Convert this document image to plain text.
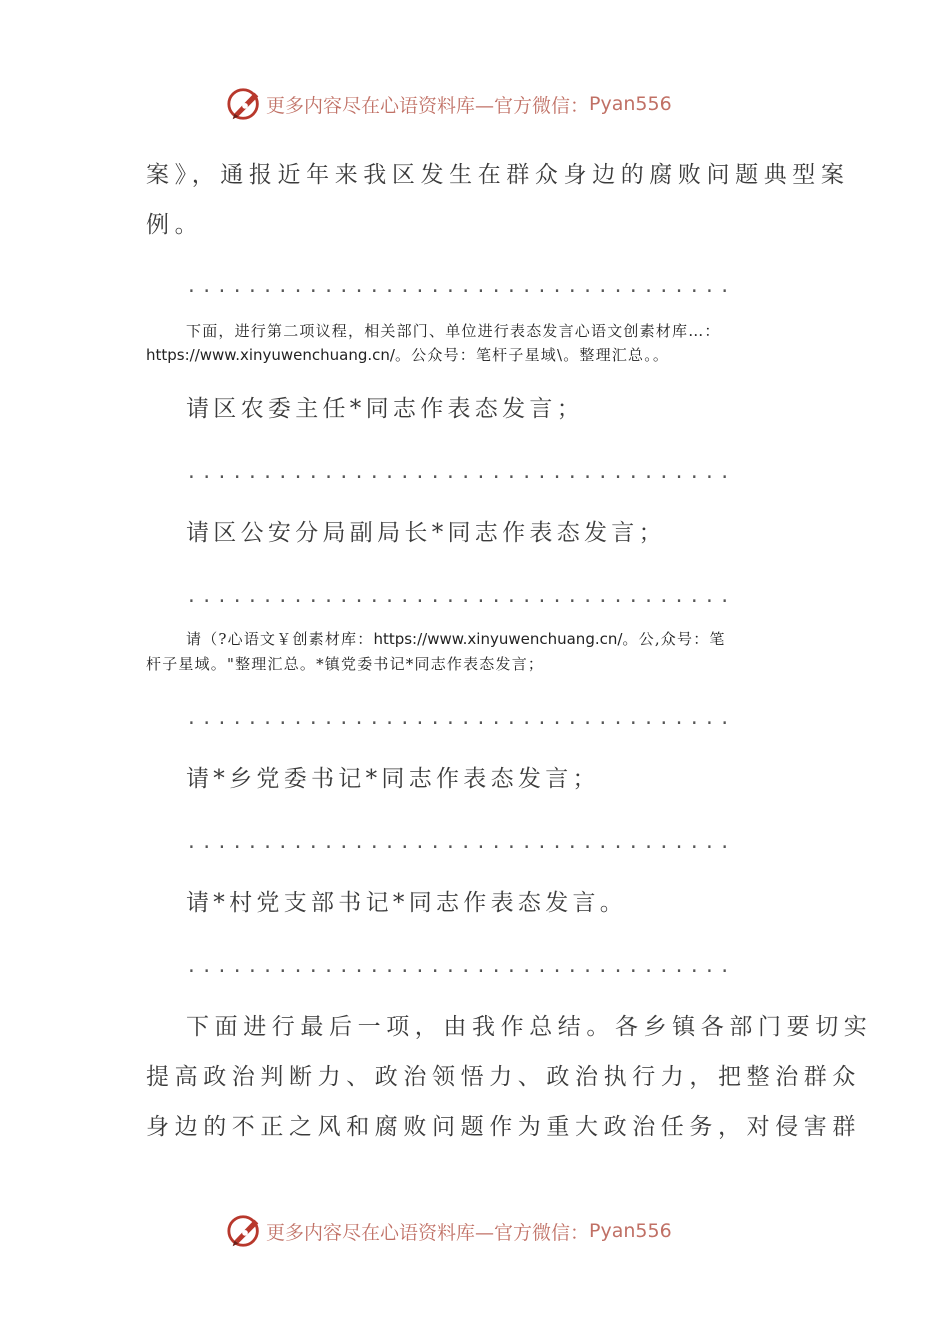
更多内容尽在心语资料库—官方微信： Pyan556
案》，通报近年来我区发生在群众身边的腐败问题典型案
例。
....................................
下面，进行第二项议程，相关部门、单位进行表态发言心语文创素材库…：
https://www.xinyuwenchuang.cn/。公众号：笔杆子星域\。整理汇总。。
请区农委主任*同志作表态发言；
....................................
请区公安分局副局长*同志作表态发言；
....................................
请（?心语文￥创素材库：https://www.xinyuwenchuang.cn/。公,众号：笔
杆子星域。"整理汇总。*镇党委书记*同志作表态发言；
....................................
请*乡党委书记*同志作表态发言；
....................................
请*村党支部书记*同志作表态发言。
....................................
下面进行最后一项，由我作总结。各乡镇各部门要切实
提高政治判断力、政治领悟力、政治执行力，把整治群众
身边的不正之风和腐败问题作为重大政治任务，对侵害群
更多内容尽在心语资料库—官方微信： Pyan556
